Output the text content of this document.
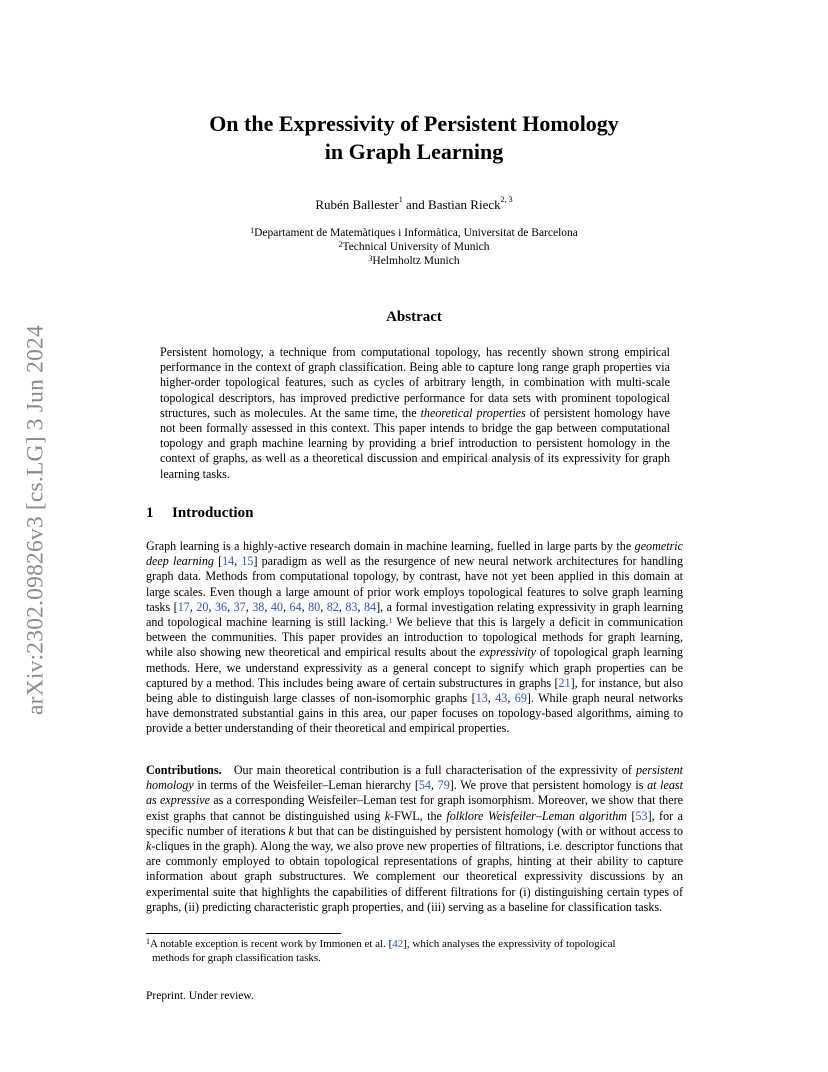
arXiv:2302.09826v3 [cs.LG] 3 Jun 2024
On the Expressivity of Persistent Homology
in Graph Learning
Rubén Ballester$^1$ and Bastian Rieck$^{2, 3}$
$^1$Departament de Matemàtiques i Informàtica, Universitat de Barcelona
$^2$Technical University of Munich
$^3$Helmholtz Munich
Abstract

Persistent homology, a technique from computational topology, has recently shown strong empirical performance in the context of graph classification. Being able to capture long range graph properties via higher-order topological features, such as cycles of arbitrary length, in combination with multi-scale topological descriptors, has improved predictive performance for data sets with prominent topological structures, such as molecules. At the same time, the theoretical properties of persistent homology have not been formally assessed in this context. This paper intends to bridge the gap between computational topology and graph machine learning by providing a brief introduction to persistent homology in the context of graphs, as well as a theoretical discussion and empirical analysis of its expressivity for graph learning tasks.

1 Introduction

Graph learning is a highly-active research domain in machine learning, fuelled in large parts by the geometric deep learning [14, 15] paradigm as well as the resurgence of new neural network architectures for handling graph data. Methods from computational topology, by contrast, have not yet been applied in this domain at large scales. Even though a large amount of prior work employs topological features to solve graph learning tasks [17, 20, 36, 37, 38, 40, 64, 80, 82, 83, 84], a formal investigation relating expressivity in graph learning and topological machine learning is still lacking.$^1$ We believe that this is largely a deficit in communication between the communities. This paper provides an introduction to topological methods for graph learning, while also showing new theoretical and empirical results about the expressivity of topological graph learning methods. Here, we understand expressivity as a general concept to signify which graph properties can be captured by a method. This includes being aware of certain substructures in graphs [21], for instance, but also being able to distinguish large classes of non-isomorphic graphs [13, 43, 69]. While graph neural networks have demonstrated substantial gains in this area, our paper focuses on topology-based algorithms, aiming to provide a better understanding of their theoretical and empirical properties.

Contributions.   Our main theoretical contribution is a full characterisation of the expressivity of persistent homology in terms of the Weisfeiler–Leman hierarchy [54, 79]. We prove that persistent homology is at least as expressive as a corresponding Weisfeiler–Leman test for graph isomorphism. Moreover, we show that there exist graphs that cannot be distinguished using k-FWL, the folklore Weisfeiler–Leman algorithm [53], for a specific number of iterations k but that can be distinguished by persistent homology (with or without access to k-cliques in the graph). Along the way, we also prove new properties of filtrations, i.e. descriptor functions that are commonly employed to obtain topological representations of graphs, hinting at their ability to capture information about graph substructures. We complement our theoretical expressivity discussions by an experimental suite that highlights the capabilities of different filtrations for (i) distinguishing certain types of graphs, (ii) predicting characteristic graph properties, and (iii) serving as a baseline for classification tasks.

$^1$A notable exception is recent work by Immonen et al. [42], which analyses the expressivity of topological
methods for graph classification tasks.

Preprint. Under review.
